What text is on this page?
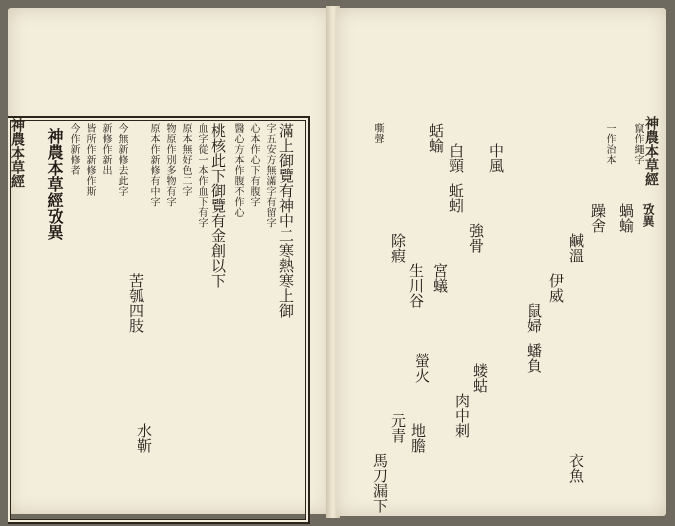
神農本草經 神農本草經攷異 皆所作新修作斯 新修作新出 今無新修去此字
苦瓠四肢
原本作新修有中字 物原作別多物有字 原本無好色二字 血字從一本作血下有字 桃核此下御覽有金創以下 醫心方本作腹不作心 心本作心下有腹字 字五安方無滿字有留字 滿上御覽有神中二寒熱寒上御
水靳
今作新修者	神農本草經
攷異
蝸蝓
竄作繩字
躁舍
一作治本
鹹溫
伊威
鼠婦
蟠負
衣魚
中風
強骨
白頸
蚯蚓
宮蟻
蛞蝓
生川谷
蝼蛄
除瘕
螢火
肉中刺
嘶聲
地膽
元青
馬刀
漏下
